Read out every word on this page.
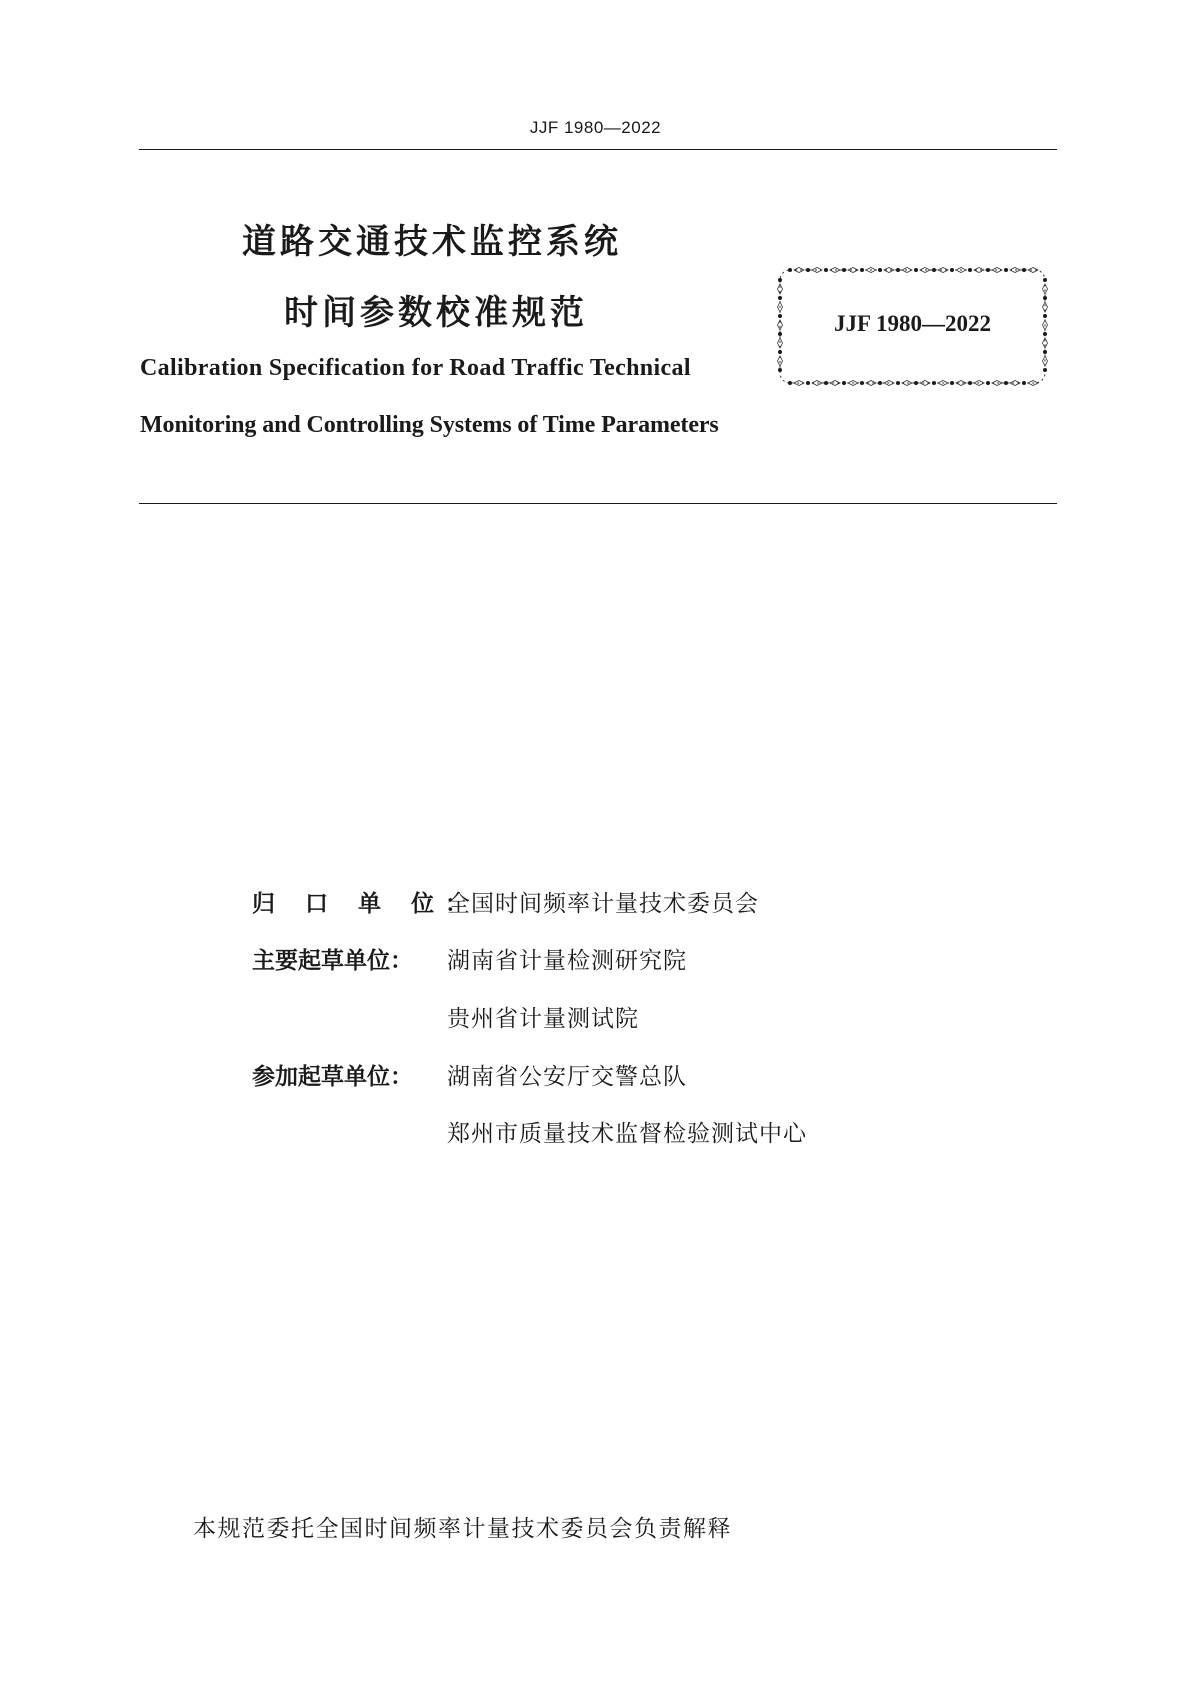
JJF 1980—2022
道路交通技术监控系统
时间参数校准规范	JJF 1980—2022
Calibration Specification for Road Traffic Technical
Monitoring and Controlling Systems of Time Parameters
归 口 单 位：全国时间频率计量技术委员会
主要起草单位： 湖南省计量检测研究院
贵州省计量测试院
参加起草单位： 湖南省公安厅交警总队
郑州市质量技术监督检验测试中心
本规范委托全国时间频率计量技术委员会负责解释
